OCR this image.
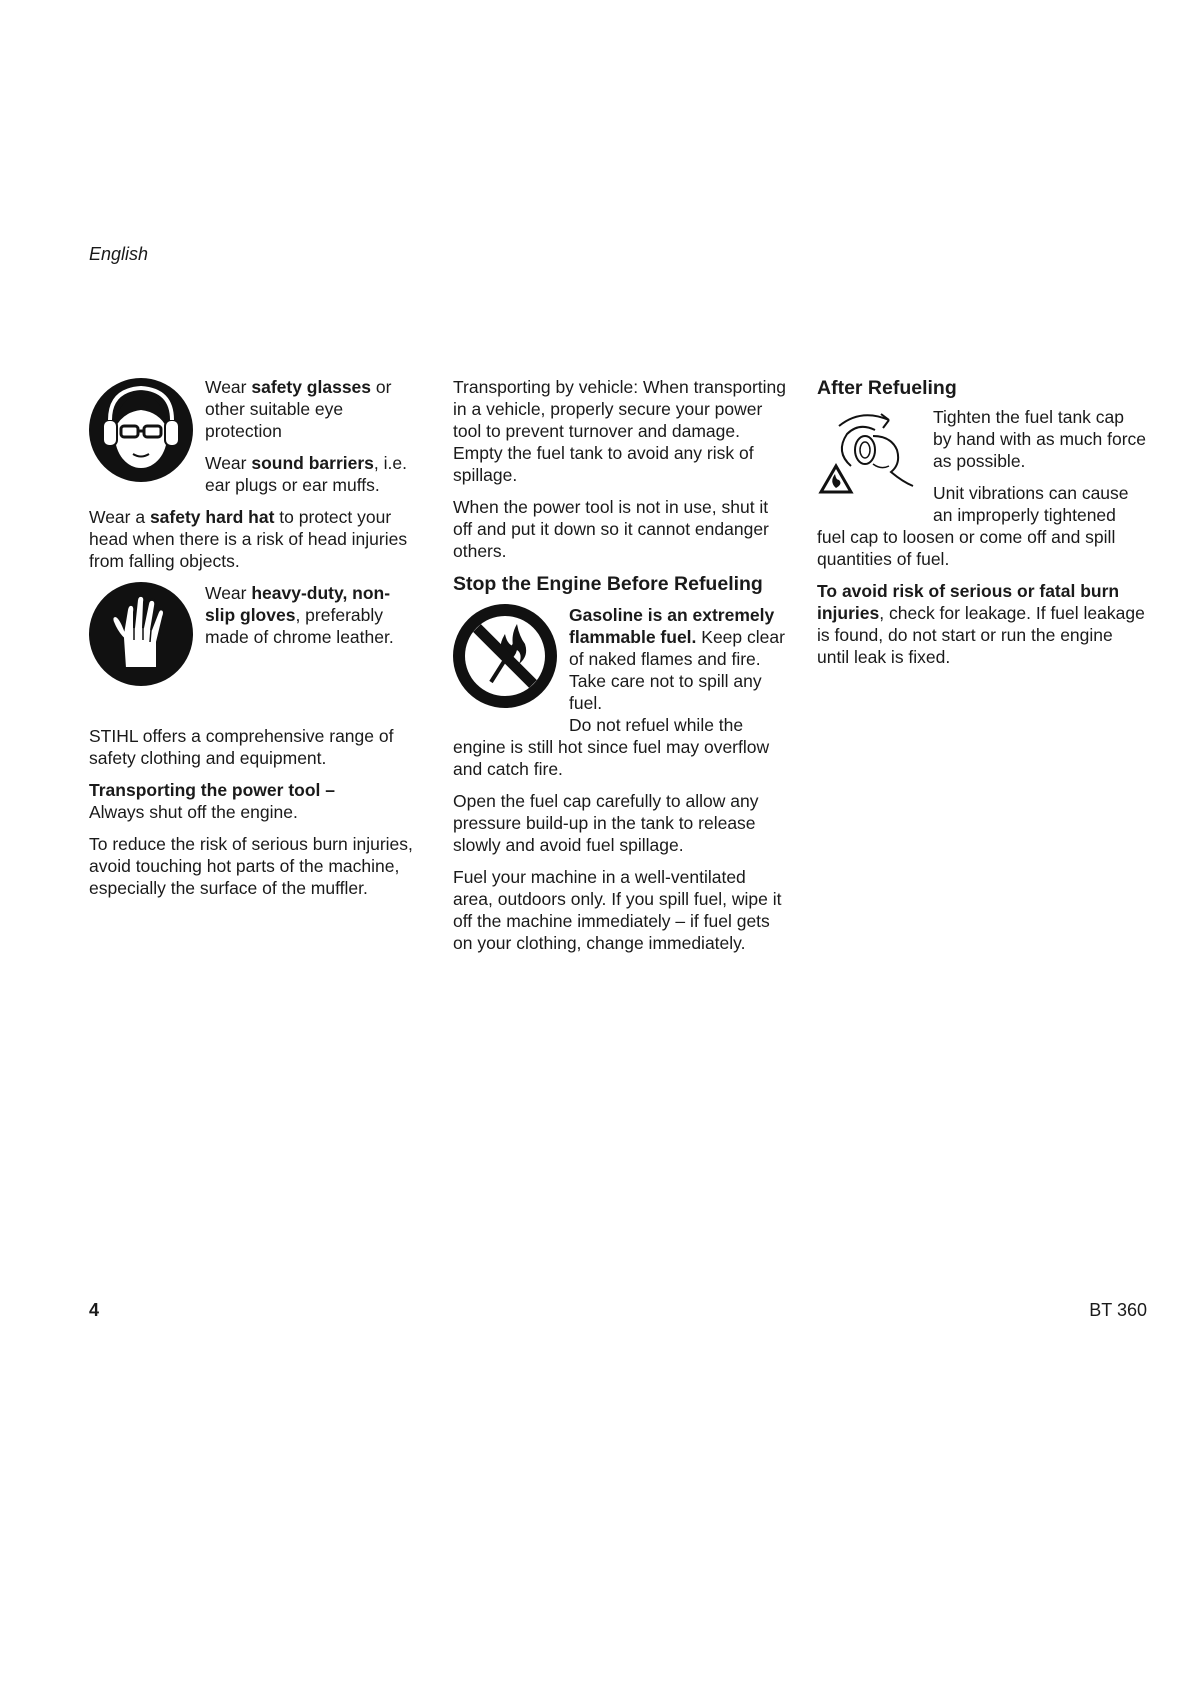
English

Wear safety glasses or other suitable eye protection

Wear sound barriers, i.e. ear plugs or ear muffs.

Wear a safety hard hat to protect your head when there is a risk of head injuries from falling objects.

Wear heavy-duty, non-slip gloves, preferably made of chrome leather.

STIHL offers a comprehensive range of safety clothing and equipment.

Transporting the power tool –
Always shut off the engine.

To reduce the risk of serious burn injuries, avoid touching hot parts of the machine, especially the surface of the muffler.

Transporting by vehicle: When transporting in a vehicle, properly secure your power tool to prevent turnover and damage. Empty the fuel tank to avoid any risk of spillage.

When the power tool is not in use, shut it off and put it down so it cannot endanger others.

Stop the Engine Before Refueling

Gasoline is an extremely flammable fuel. Keep clear of naked flames and fire. Take care not to spill any fuel.

Do not refuel while the engine is still hot since fuel may overflow and catch fire.

Open the fuel cap carefully to allow any pressure build-up in the tank to release slowly and avoid fuel spillage.

Fuel your machine in a well-ventilated area, outdoors only. If you spill fuel, wipe it off the machine immediately – if fuel gets on your clothing, change immediately.

After Refueling

Tighten the fuel tank cap by hand with as much force as possible.

Unit vibrations can cause an improperly tightened fuel cap to loosen or come off and spill quantities of fuel.

To avoid risk of serious or fatal burn injuries, check for leakage. If fuel leakage is found, do not start or run the engine until leak is fixed.

4	BT 360
